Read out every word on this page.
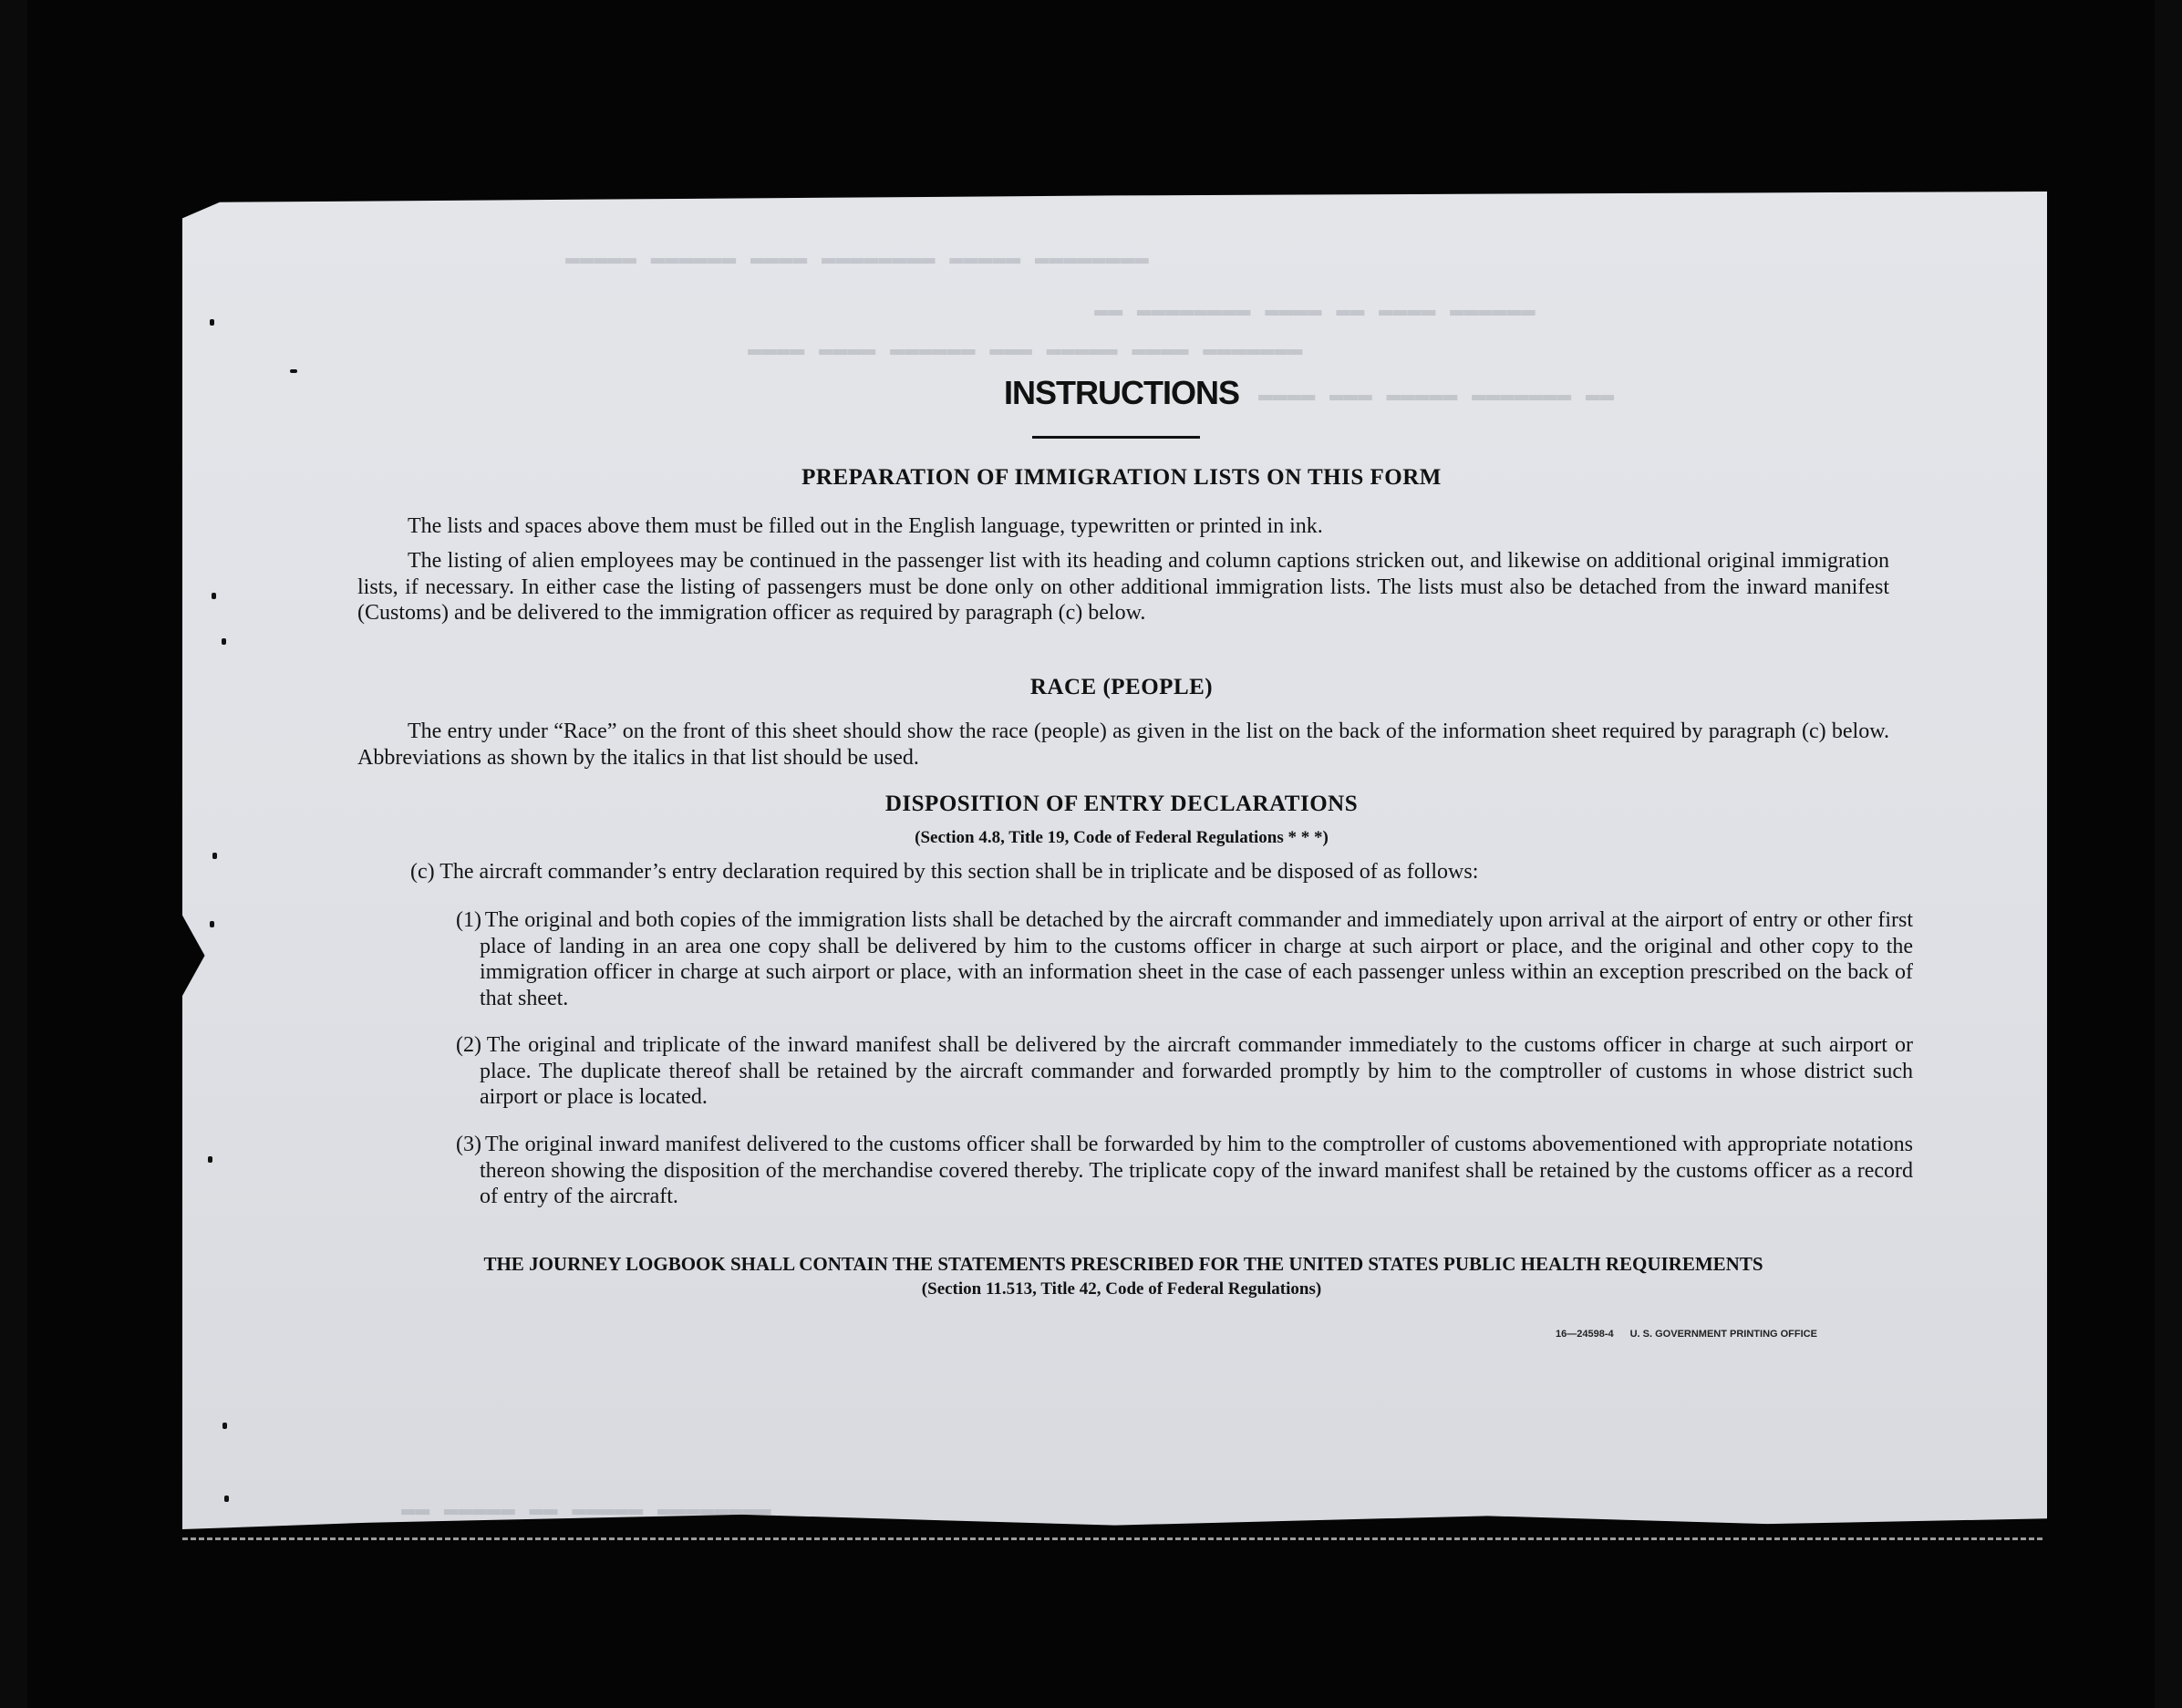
▬▬▬▬▬▬▬▬ ▬▬▬▬▬ ▬▬▬▬▬▬▬▬ ▬▬▬▬ ▬▬▬▬▬▬ ▬▬▬▬▬
▬▬▬▬▬▬ ▬▬▬▬ ▬▬ ▬▬▬▬ ▬▬▬▬▬▬▬▬ ▬▬
▬▬▬▬▬▬▬ ▬▬▬▬ ▬▬▬▬▬ ▬▬▬ ▬▬▬▬▬▬ ▬▬▬▬ ▬▬▬▬
▬▬ ▬▬▬▬▬▬▬ ▬▬▬▬▬ ▬▬▬ ▬▬▬▬
▬▬▬▬▬▬▬▬ ▬▬▬▬▬ ▬▬ ▬▬▬▬▬ ▬▬
INSTRUCTIONS
PREPARATION OF IMMIGRATION LISTS ON THIS FORM
The lists and spaces above them must be filled out in the English language, typewritten or printed in ink.
The listing of alien employees may be continued in the passenger list with its heading and column captions stricken out, and likewise on additional original immigration lists, if necessary. In either case the listing of passengers must be done only on other additional immigration lists. The lists must also be detached from the inward manifest (Customs) and be delivered to the immigration officer as required by paragraph (c) below.
RACE (PEOPLE)
The entry under “Race” on the front of this sheet should show the race (people) as given in the list on the back of the information sheet required by paragraph (c) below. Abbreviations as shown by the italics in that list should be used.
DISPOSITION OF ENTRY DECLARATIONS
(Section 4.8, Title 19, Code of Federal Regulations * * *)
(c) The aircraft commander’s entry declaration required by this section shall be in triplicate and be disposed of as follows:
(1) The original and both copies of the immigration lists shall be detached by the aircraft commander and immediately upon arrival at the airport of entry or other first place of landing in an area one copy shall be delivered by him to the customs officer in charge at such airport or place, and the original and other copy to the immigration officer in charge at such airport or place, with an information sheet in the case of each passenger unless within an exception prescribed on the back of that sheet.
(2) The original and triplicate of the inward manifest shall be delivered by the aircraft commander immediately to the customs officer in charge at such airport or place. The duplicate thereof shall be retained by the aircraft commander and forwarded promptly by him to the comptroller of customs in whose district such airport or place is located.
(3) The original inward manifest delivered to the customs officer shall be forwarded by him to the comptroller of customs abovementioned with appropriate notations thereon showing the disposition of the merchandise covered thereby. The triplicate copy of the inward manifest shall be retained by the customs officer as a record of entry of the aircraft.
THE JOURNEY LOGBOOK SHALL CONTAIN THE STATEMENTS PRESCRIBED FOR THE UNITED STATES PUBLIC HEALTH REQUIREMENTS
(Section 11.513, Title 42, Code of Federal Regulations)
16—24598-4 U. S. GOVERNMENT PRINTING OFFICE
